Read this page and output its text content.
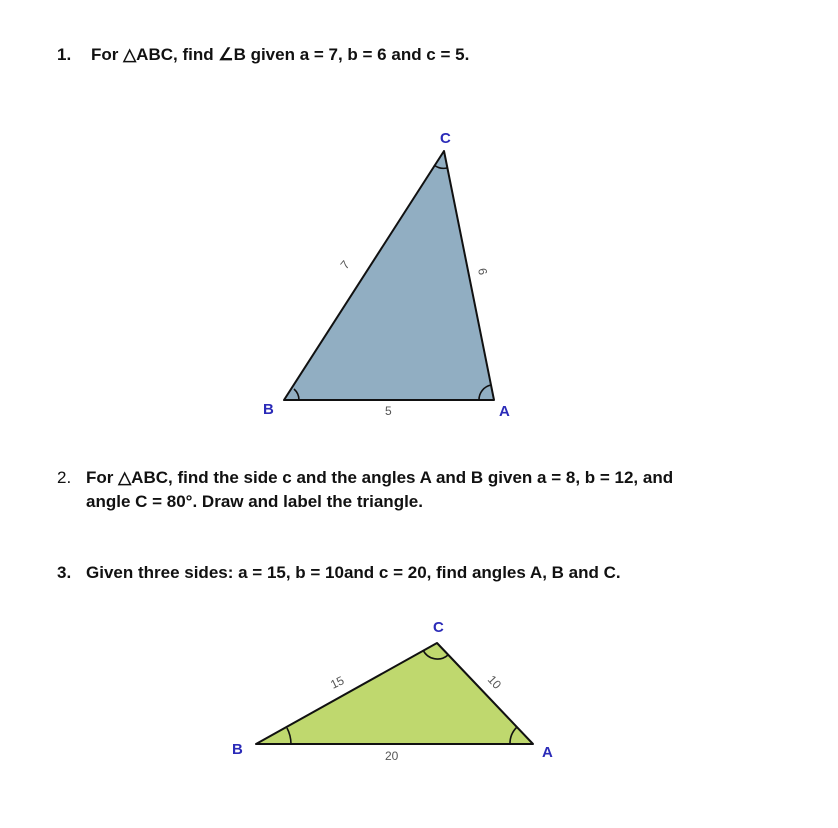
1. For △ABC, find ∠B given a = 7, b = 6 and c = 5.
2. For △ABC, find the side c and the angles A and B given a = 8, b = 12, and
angle C = 80°. Draw and label the triangle.
3. Given three sides: a = 15, b = 10and c = 20, find angles A, B and C.
C
B	A
5
7	6
C
B	A
20
15	10
